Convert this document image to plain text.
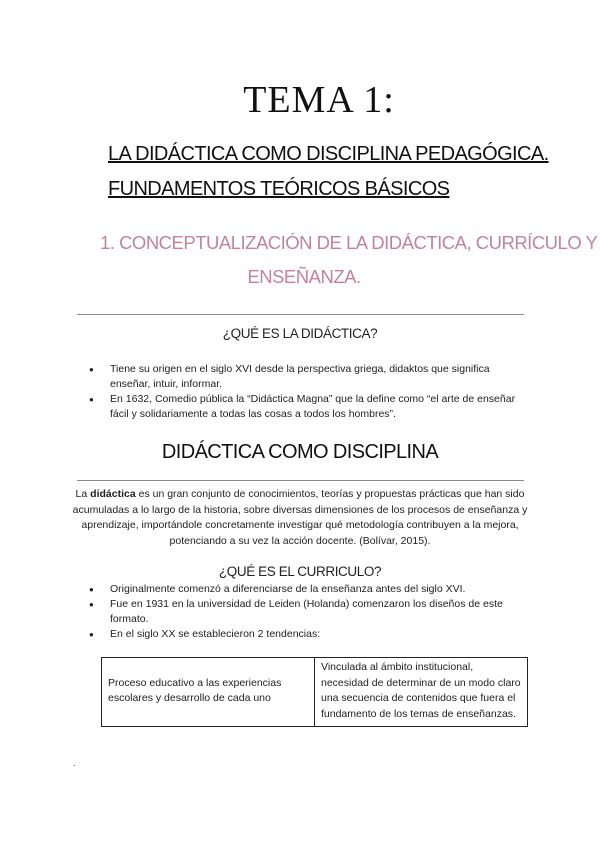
TEMA 1:
LA DIDÁCTICA COMO DISCIPLINA PEDAGÓGICA.
FUNDAMENTOS TEÓRICOS BÁSICOS
1. CONCEPTUALIZACIÓN DE LA DIDÁCTICA, CURRÍCULO Y
ENSEÑANZA.
¿QUÉ ES LA DIDÁCTICA?
● Tiene su origen en el siglo XVI desde la perspectiva griega, didaktos que significa enseñar, intuir, informar.
● En 1632, Comedio pública la “Didáctica Magna” que la define como “el arte de enseñar fácil y solidariamente a todas las cosas a todos los hombres”.
DIDÁCTICA COMO DISCIPLINA
La didáctica es un gran conjunto de conocimientos, teorías y propuestas prácticas que han sido acumuladas a lo largo de la historia, sobre diversas dimensiones de los procesos de enseñanza y aprendizaje, importándole concretamente investigar qué metodología contribuyen a la mejora, potenciando a su vez la acción docente. (Bolívar, 2015).
¿QUÉ ES EL CURRICULO?
● Originalmente comenzó a diferenciarse de la enseñanza antes del siglo XVI.
● Fue en 1931 en la universidad de Leiden (Holanda) comenzaron los diseños de este formato.
● En el siglo XX se establecieron 2 tendencias:
Proceso educativo a las experiencias escolares y desarrollo de cada uno	Vinculada al ámbito institucional, necesidad de determinar de un modo claro una secuencia de contenidos que fuera el fundamento de los temas de enseñanzas.
.
